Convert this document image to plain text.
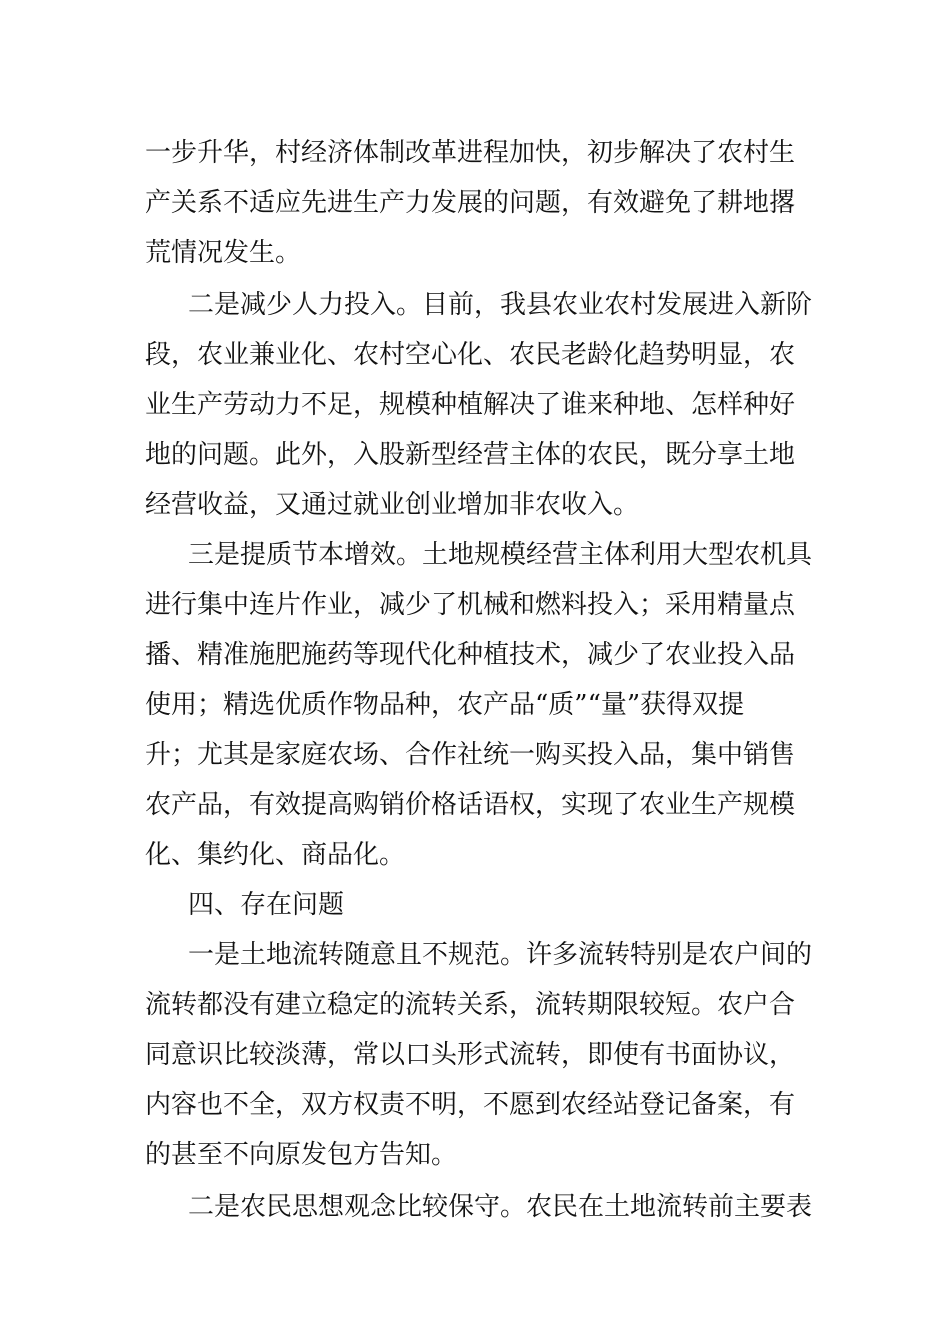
一步升华，村经济体制改革进程加快，初步解决了农村生
产关系不适应先进生产力发展的问题，有效避免了耕地撂
荒情况发生。
二是减少人力投入。目前，我县农业农村发展进入新阶
段，农业兼业化、农村空心化、农民老龄化趋势明显，农
业生产劳动力不足，规模种植解决了谁来种地、怎样种好
地的问题。此外，入股新型经营主体的农民，既分享土地
经营收益，又通过就业创业增加非农收入。
三是提质节本增效。土地规模经营主体利用大型农机具
进行集中连片作业，减少了机械和燃料投入；采用精量点
播、精准施肥施药等现代化种植技术，减少了农业投入品
使用；精选优质作物品种，农产品“质”“量”获得双提
升；尤其是家庭农场、合作社统一购买投入品，集中销售
农产品，有效提高购销价格话语权，实现了农业生产规模
化、集约化、商品化。
四、存在问题
一是土地流转随意且不规范。许多流转特别是农户间的
流转都没有建立稳定的流转关系，流转期限较短。农户合
同意识比较淡薄，常以口头形式流转，即使有书面协议，
内容也不全，双方权责不明，不愿到农经站登记备案，有
的甚至不向原发包方告知。
二是农民思想观念比较保守。农民在土地流转前主要表
